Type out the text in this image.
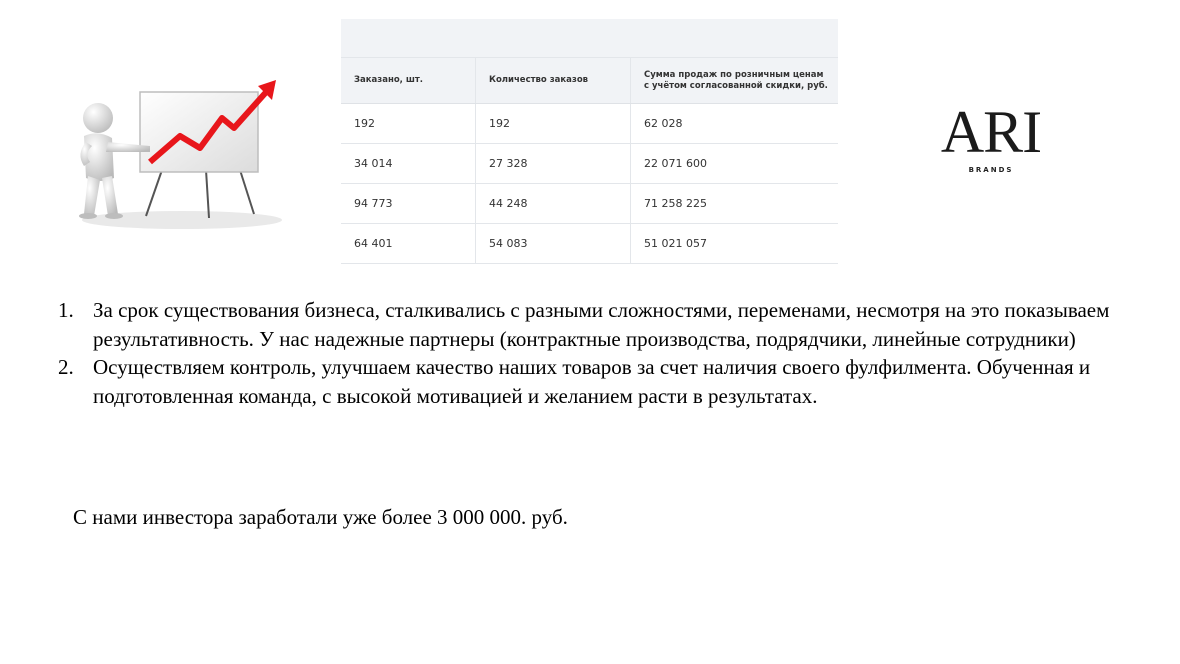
Заказано, шт.	Количество заказов	Сумма продаж по розничным ценам с учётом согласованной скидки, руб.
192	192	62 028
34 014	27 328	22 071 600
94 773	44 248	71 258 225
64 401	54 083	51 021 057
ARI
BRANDS
1. За срок существования бизнеса, сталкивались с разными сложностями, переменами, несмотря на это показываем результативность. У нас надежные партнеры (контрактные производства, подрядчики, линейные сотрудники)
2. Осуществляем контроль, улучшаем качество наших товаров за счет наличия своего фулфилмента. Обученная и подготовленная команда, с высокой мотивацией и желанием расти в результатах.

С нами инвестора заработали уже более 3 000 000. руб.
